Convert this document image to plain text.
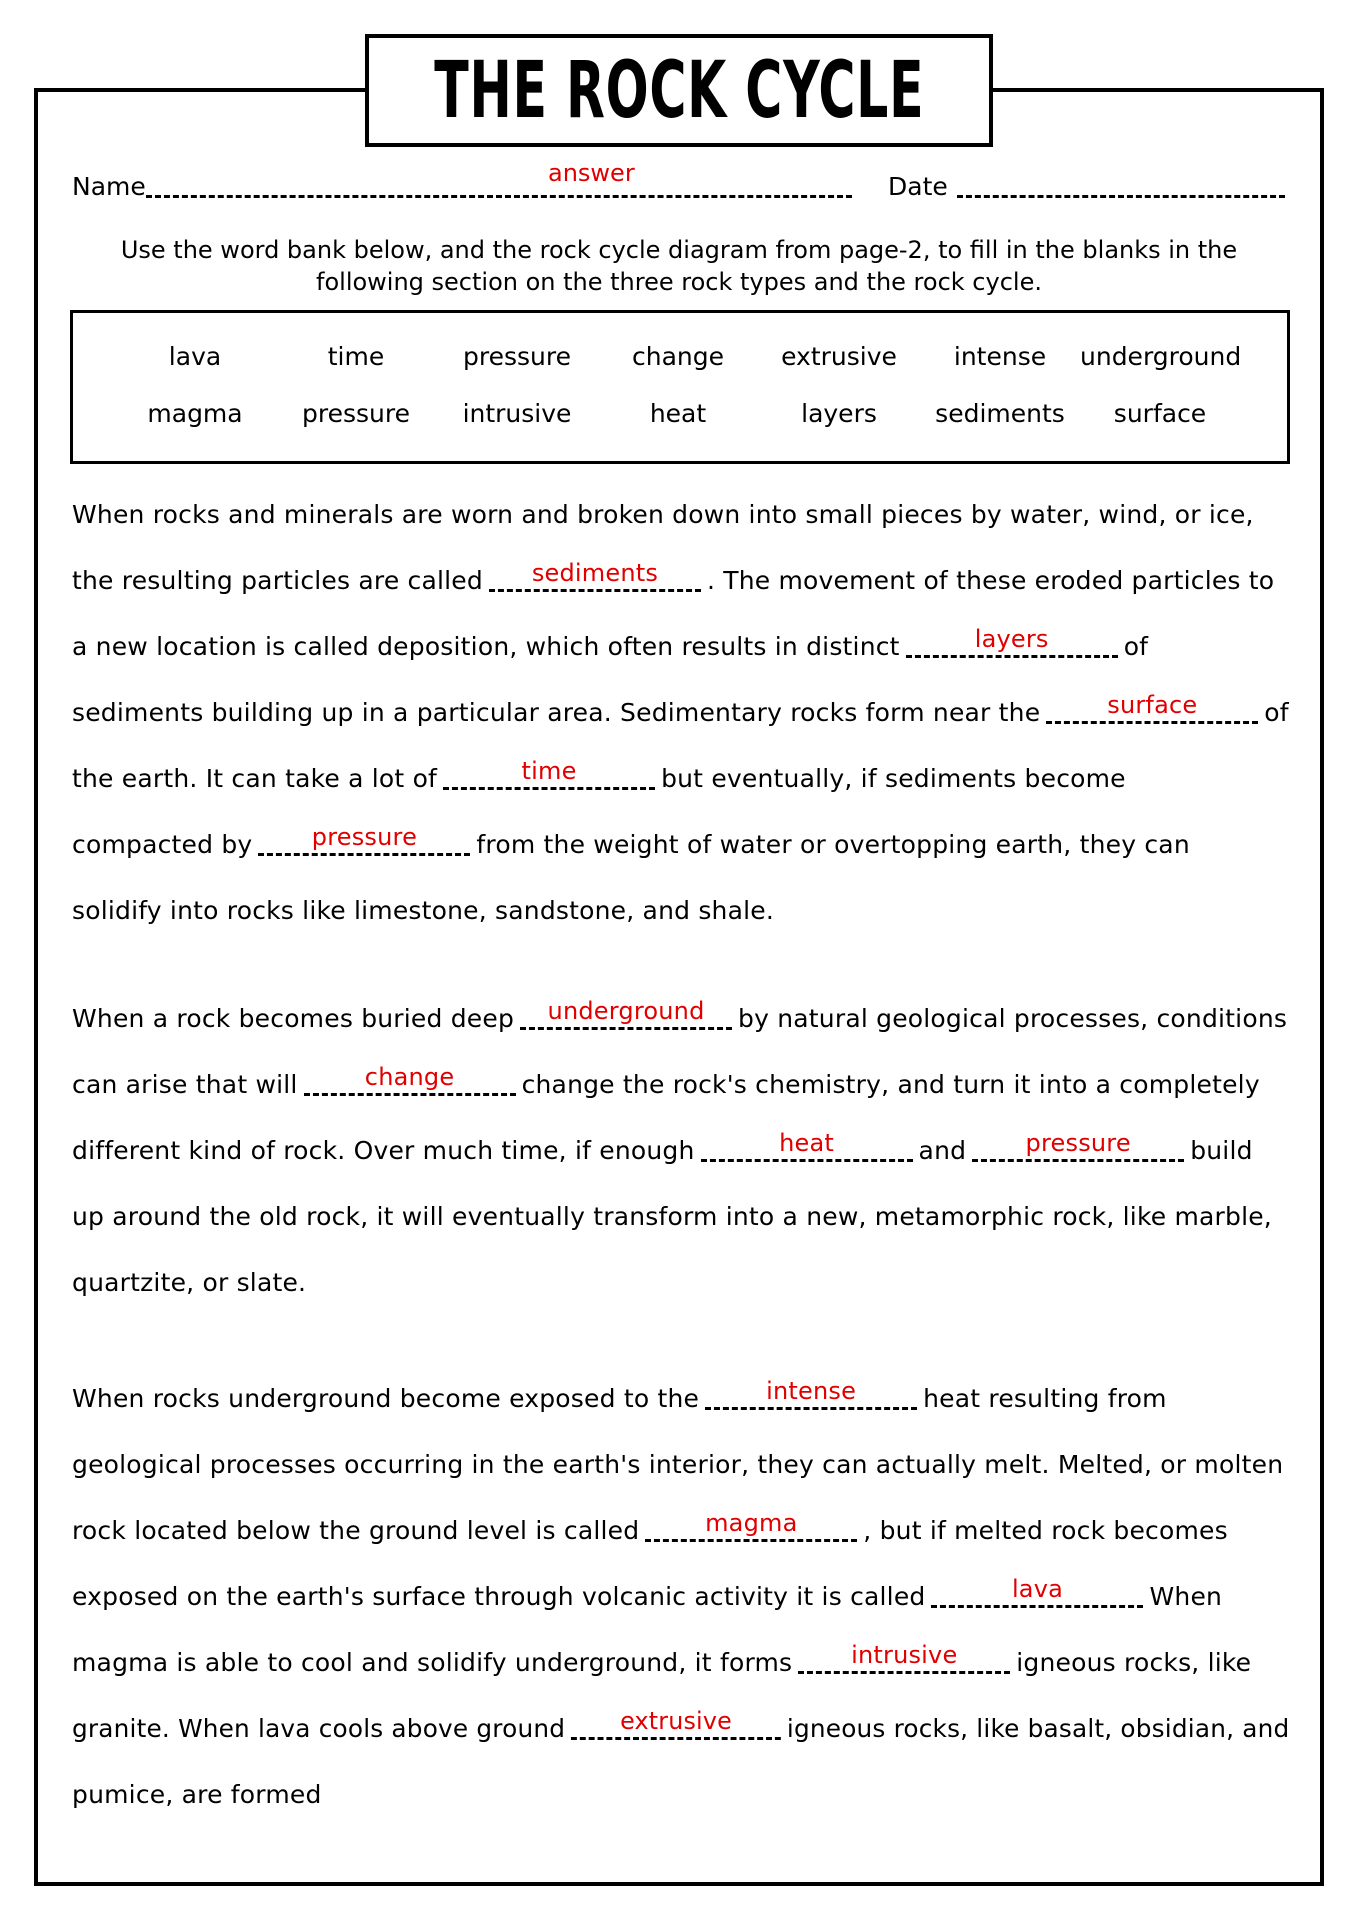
THE ROCK CYCLE
Name	answer	Date
Use the word bank below, and the rock cycle diagram from page-2, to fill in the blanks in the
following section on the three rock types and the rock cycle.
lava	time	pressure	change	extrusive	intense	underground
magma	pressure	intrusive	heat	layers	sediments	surface
When rocks and minerals are worn and broken down into small pieces by water, wind, or ice,
the resulting particles are called	sediments	. The movement of these eroded particles to
a new location is called deposition, which often results in distinct	layers	of
sediments building up in a particular area. Sedimentary rocks form near the	surface	of
the earth. It can take a lot of	time	but eventually, if sediments become
compacted by	pressure	from the weight of water or overtopping earth, they can
solidify into rocks like limestone, sandstone, and shale.
When a rock becomes buried deep	underground	by natural geological processes, conditions
can arise that will	change	change the rock's chemistry, and turn it into a completely
different kind of rock. Over much time, if enough	heat	and	pressure	build
up around the old rock, it will eventually transform into a new, metamorphic rock, like marble,
quartzite, or slate.
When rocks underground become exposed to the	intense	heat resulting from
geological processes occurring in the earth's interior, they can actually melt. Melted, or molten
rock located below the ground level is called	magma	, but if melted rock becomes
exposed on the earth's surface through volcanic activity it is called	lava	When
magma is able to cool and solidify underground, it forms	intrusive	igneous rocks, like
granite. When lava cools above ground	extrusive	igneous rocks, like basalt, obsidian, and
pumice, are formed
